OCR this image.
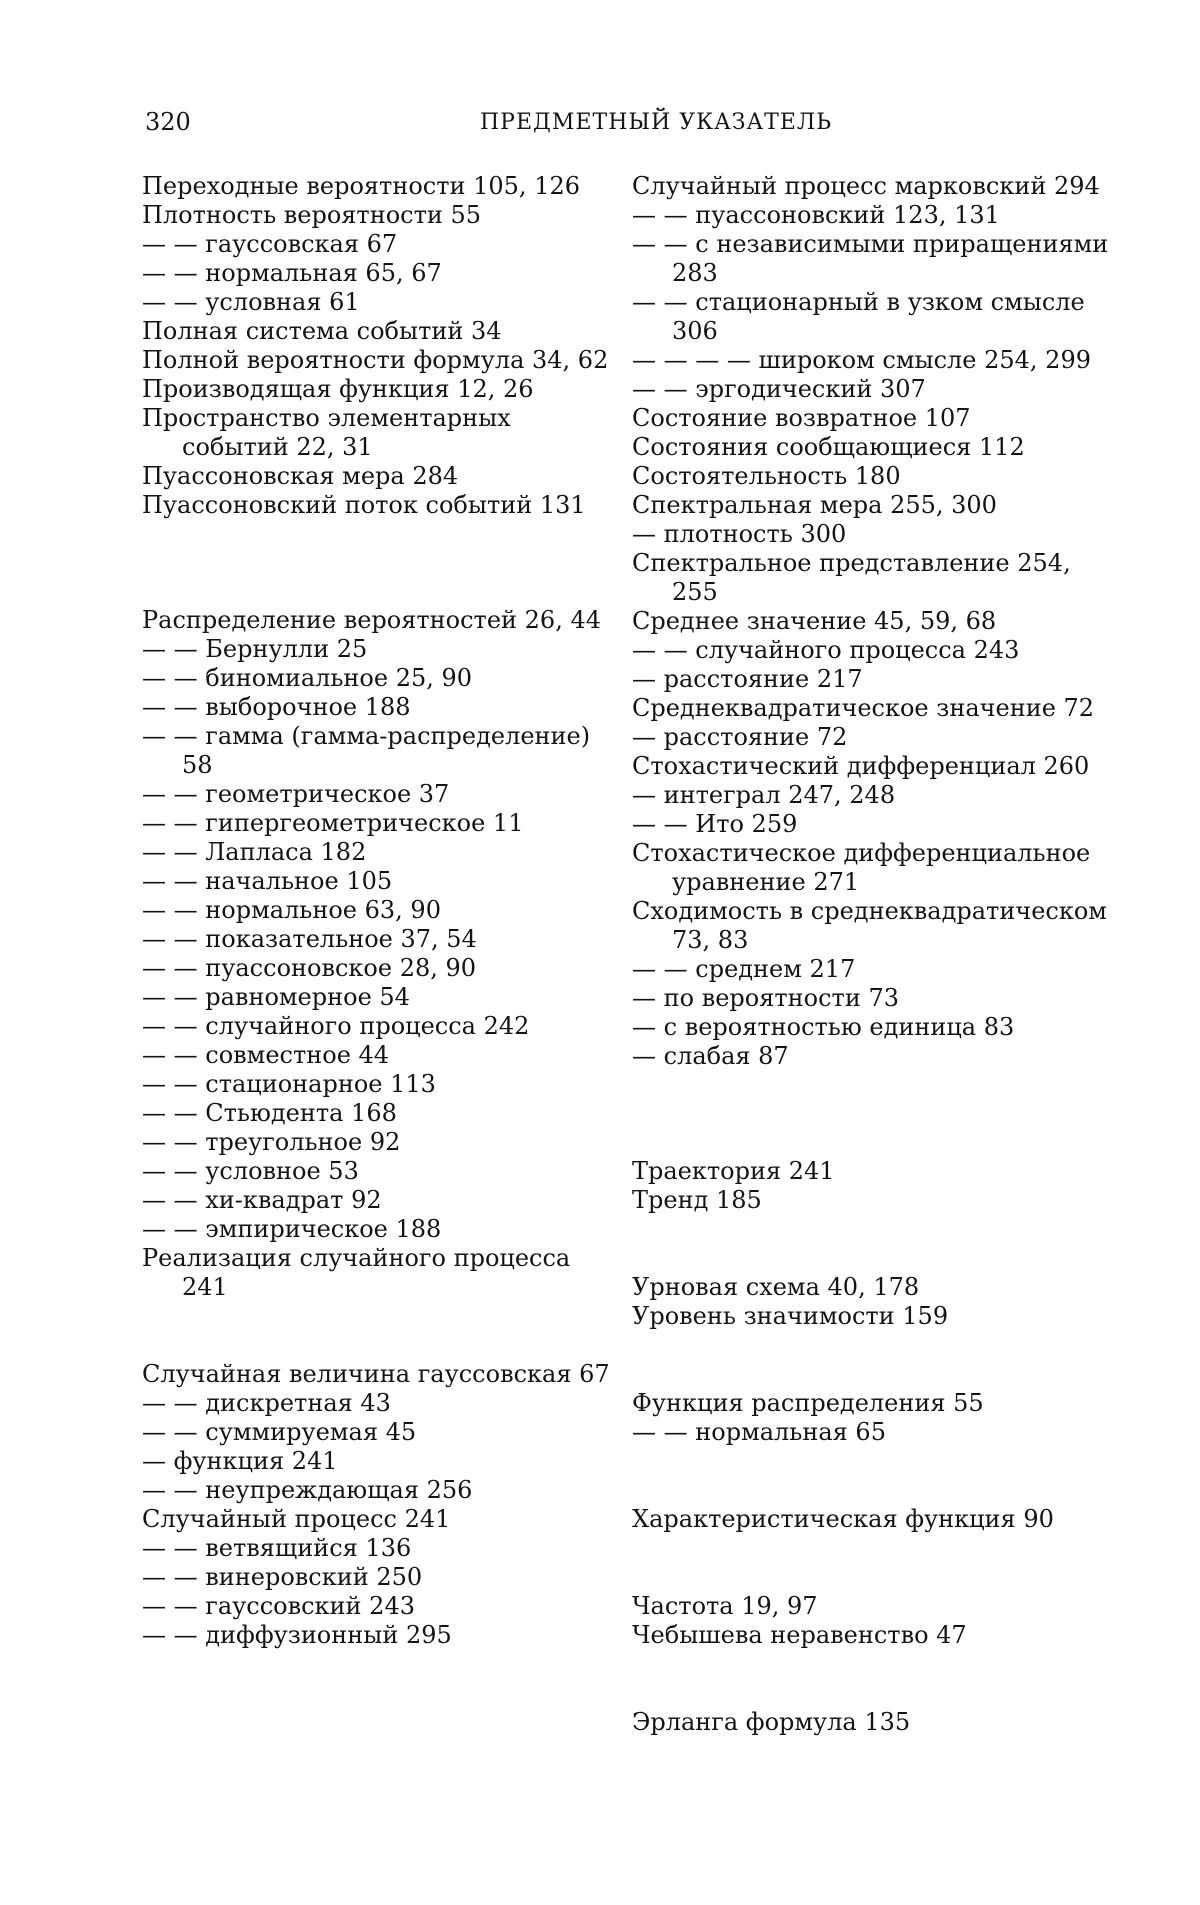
320	ПРЕДМЕТНЫЙ УКАЗАТЕЛЬ
Переходные вероятности 105, 126
Плотность вероятности 55
— — гауссовская 67
— — нормальная 65, 67
— — условная 61
Полная система событий 34
Полной вероятности формула 34, 62
Производящая функция 12, 26
Пространство элементарных событий 22, 31
Пуассоновская мера 284
Пуассоновский поток событий 131
Распределение вероятностей 26, 44
— — Бернулли 25
— — биномиальное 25, 90
— — выборочное 188
— — гамма (гамма-распределение) 58
— — геометрическое 37
— — гипергеометрическое 11
— — Лапласа 182
— — начальное 105
— — нормальное 63, 90
— — показательное 37, 54
— — пуассоновское 28, 90
— — равномерное 54
— — случайного процесса 242
— — совместное 44
— — стационарное 113
— — Стьюдента 168
— — треугольное 92
— — условное 53
— — хи-квадрат 92
— — эмпирическое 188
Реализация случайного процесса 241
Случайная величина гауссовская 67
— — дискретная 43
— — суммируемая 45
— функция 241
— — неупреждающая 256
Случайный процесс 241
— — ветвящийся 136
— — винеровский 250
— — гауссовский 243
— — диффузионный 295
Случайный процесс марковский 294
— — пуассоновский 123, 131
— — с независимыми приращениями 283
— — стационарный в узком смысле 306
— — — — широком смысле 254, 299
— — эргодический 307
Состояние возвратное 107
Состояния сообщающиеся 112
Состоятельность 180
Спектральная мера 255, 300
— плотность 300
Спектральное представление 254, 255
Среднее значение 45, 59, 68
— — случайного процесса 243
— расстояние 217
Среднеквадратическое значение 72
— расстояние 72
Стохастический дифференциал 260
— интеграл 247, 248
— — Ито 259
Стохастическое дифференциальное уравнение 271
Сходимость в среднеквадратическом 73, 83
— — среднем 217
— по вероятности 73
— с вероятностью единица 83
— слабая 87
Траектория 241
Тренд 185
Урновая схема 40, 178
Уровень значимости 159
Функция распределения 55
— — нормальная 65
Характеристическая функция 90
Частота 19, 97
Чебышева неравенство 47
Эрланга формула 135
